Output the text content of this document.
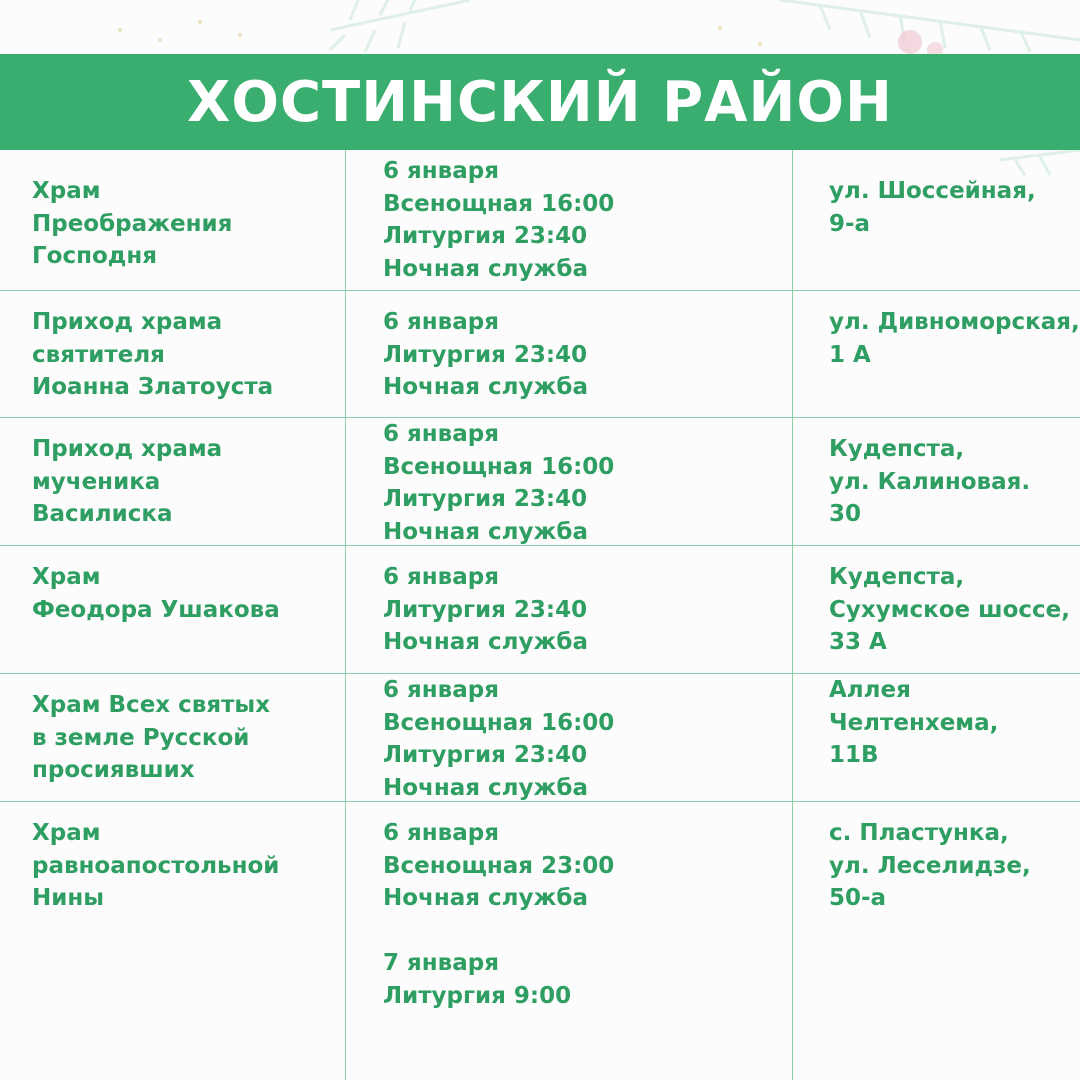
ХОСТИНСКИЙ РАЙОН
Храм
Преображения
Господня
6 января
Всенощная 16:00
Литургия 23:40
Ночная служба
ул. Шоссейная,
9-а
Приход храма
святителя
Иоанна Златоуста
6 января
Литургия 23:40
Ночная служба
ул. Дивноморская,
1 А
Приход храма
мученика
Василиска
6 января
Всенощная 16:00
Литургия 23:40
Ночная служба
Кудепста,
ул. Калиновая.
30
Храм
Феодора Ушакова
6 января
Литургия 23:40
Ночная служба
Кудепста,
Сухумское шоссе,
33 А
Храм Всех святых
в земле Русской
просиявших
6 января
Всенощная 16:00
Литургия 23:40
Ночная служба
Аллея
Челтенхема,
11В
Храм
равноапостольной
Нины
6 января
Всенощная 23:00
Ночная служба
7 января
Литургия 9:00
с. Пластунка,
ул. Леселидзе,
50-а
